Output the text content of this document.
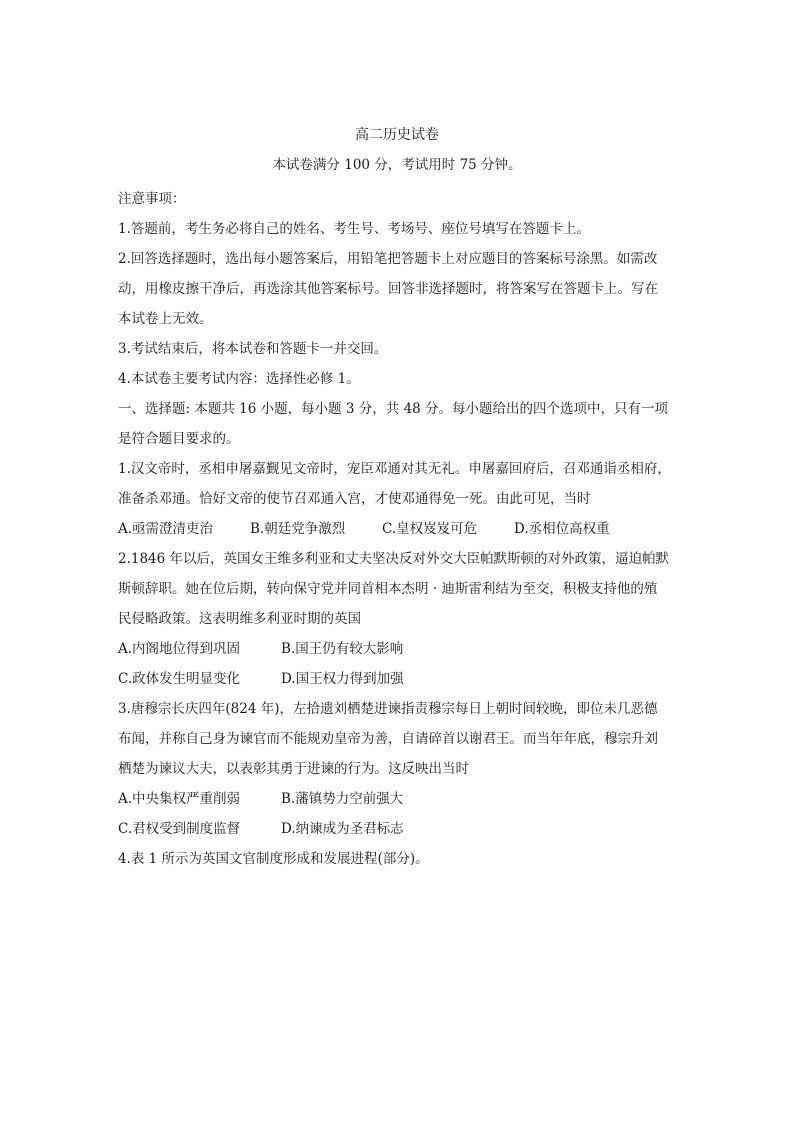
高二历史试卷
本试卷满分 100 分，考试用时 75 分钟。
注意事项：
1.答题前，考生务必将自己的姓名、考生号、考场号、座位号填写在答题卡上。
2.回答选择题时，选出每小题答案后，用铅笔把答题卡上对应题目的答案标号涂黑。如需改
动，用橡皮擦干净后，再选涂其他答案标号。回答非选择题时，将答案写在答题卡上。写在
本试卷上无效。
3.考试结束后，将本试卷和答题卡一并交回。
4.本试卷主要考试内容：选择性必修 1。
一、选择题: 本题共 16 小题，每小题 3 分，共 48 分。每小题给出的四个选项中，只有一项
是符合题目要求的。
1.汉文帝时，丞相申屠嘉觐见文帝时，宠臣邓通对其无礼。申屠嘉回府后，召邓通诣丞相府，
准备杀邓通。恰好文帝的使节召邓通入宫，才使邓通得免一死。由此可见，当时
A.亟需澄清吏治	B.朝廷党争激烈	C.皇权岌岌可危	D.丞相位高权重
2.1846 年以后，英国女王维多利亚和丈夫坚决反对外交大臣帕默斯顿的对外政策，逼迫帕默
斯顿辞职。她在位后期，转向保守党并同首相本杰明 · 迪斯雷利结为至交，积极支持他的殖
民侵略政策。这表明维多利亚时期的英国
A.内阁地位得到巩固	B.国王仍有较大影响
C.政体发生明显变化	D.国王权力得到加强
3.唐穆宗长庆四年(824 年)，左拾遗刘栖楚进谏指责穆宗每日上朝时间较晚，即位未几恶德
布闻，并称自己身为谏官而不能规劝皇帝为善，自请碎首以谢君王。而当年年底，穆宗升刘
栖楚为谏议大夫，以表彰其勇于进谏的行为。这反映出当时
A.中央集权严重削弱	B.藩镇势力空前强大
C.君权受到制度监督	D.纳谏成为圣君标志
4.表 1 所示为英国文官制度形成和发展进程(部分)。
